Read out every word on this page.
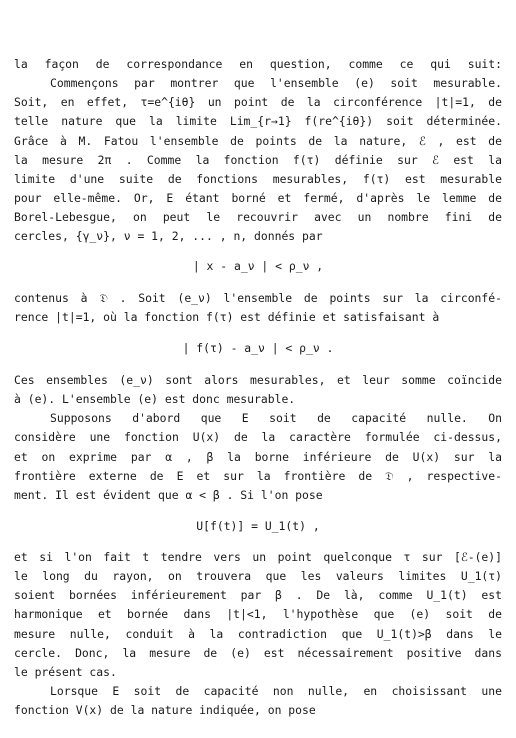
la façon de correspondance en question, comme ce qui suit:
Commençons par montrer que l'ensemble (e) soit mesurable.
Soit, en effet, τ=e^{iθ} un point de la circonférence |t|=1, de
telle nature que la limite Lim_{r→1} f(re^{iθ}) soit déterminée.
Grâce à M. Fatou l'ensemble de points de la nature, ℰ , est de
la mesure 2π . Comme la fonction f(τ) définie sur ℰ est la
limite d'une suite de fonctions mesurables, f(τ) est mesurable
pour elle-même. Or, E étant borné et fermé, d'après le lemme de
Borel-Lebesgue, on peut le recouvrir avec un nombre fini de
cercles, {γ_ν}, ν = 1, 2, ... , n, donnés par
| x - a_ν | < ρ_ν ,
contenus à 𝔇 . Soit (e_ν) l'ensemble de points sur la circonfé-
rence |t|=1, où la fonction f(τ) est définie et satisfaisant à
| f(τ) - a_ν | < ρ_ν .
Ces ensembles (e_ν) sont alors mesurables, et leur somme coïncide
à (e). L'ensemble (e) est donc mesurable.
Supposons d'abord que E soit de capacité nulle. On
considère une fonction U(x) de la caractère formulée ci-dessus,
et on exprime par α , β la borne inférieure de U(x) sur la
frontière externe de E et sur la frontière de 𝔇 , respective-
ment. Il est évident que α < β . Si l'on pose
U[f(t)] = U_1(t) ,
et si l'on fait t tendre vers un point quelconque τ sur [ℰ-(e)]
le long du rayon, on trouvera que les valeurs limites U_1(τ)
soient bornées inférieurement par β . De là, comme U_1(t) est
harmonique et bornée dans |t|<1, l'hypothèse que (e) soit de
mesure nulle, conduit à la contradiction que U_1(t)>β dans le
cercle. Donc, la mesure de (e) est nécessairement positive dans
le présent cas.
Lorsque E soit de capacité non nulle, en choisissant une
fonction V(x) de la nature indiquée, on pose
